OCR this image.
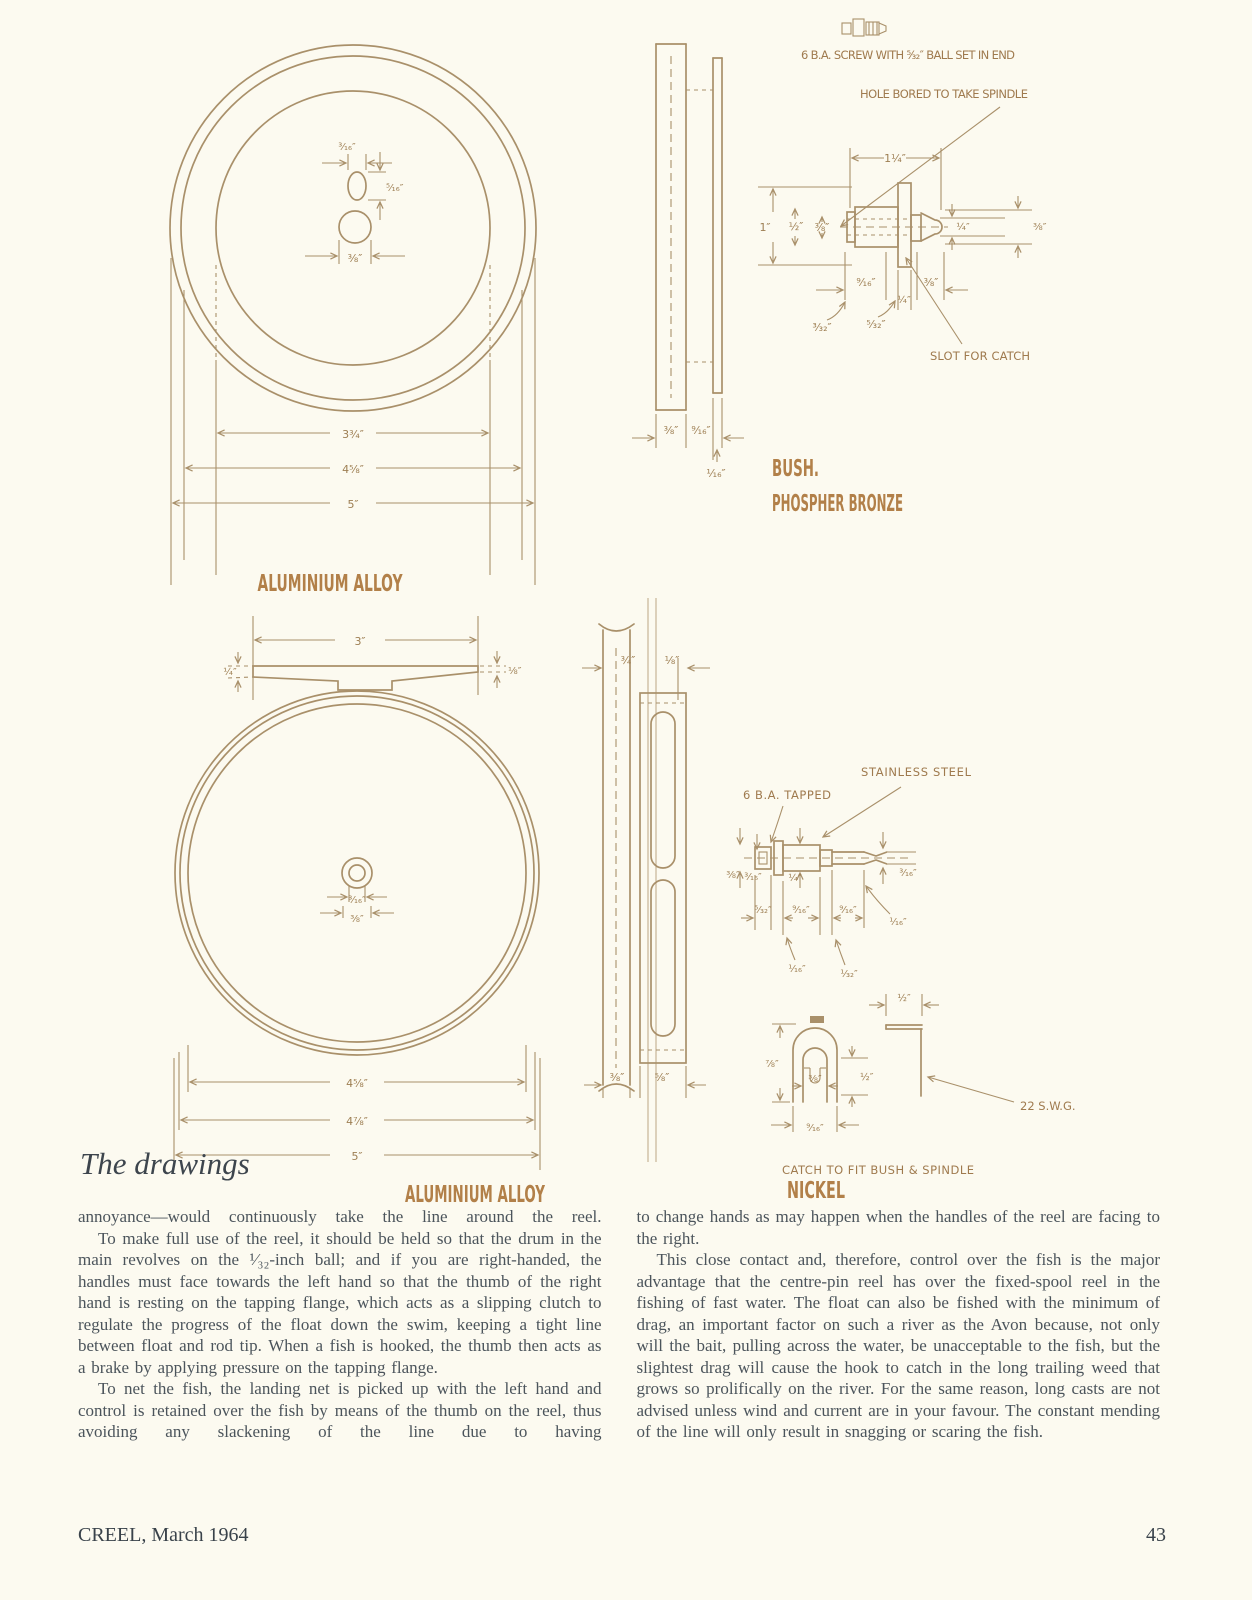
³⁄₁₆″
⁵⁄₁₆″
⅜″
3¾″
4⅝″
5″
ALUMINIUM ALLOY
⅜″ ⁹⁄₁₆″
¹⁄₁₆″
6 B.A. SCREW WITH ⁵⁄₃₂″ BALL SET IN END
HOLE BORED TO TAKE SPINDLE
1″ ½″ ⅜″
1¼″
¼″	⅜″
⁹⁄₁₆″
¼″
⅜″
³⁄₃₂″	⁵⁄₃₂″
SLOT FOR CATCH
BUSH.
PHOSPHER BRONZE
3″
¼″	⅛″
³⁄₁₆″
⅜″
4⅝″
4⅞″
5″
ALUMINIUM ALLOY
¾″	⅛″
⅜″	⅝″
6 B.A. TAPPED
STAINLESS STEEL
⅜″ ³⁄₁₆″	¼″	³⁄₁₆″
⁵⁄₃₂″ ⁹⁄₁₆″	⁹⁄₁₆″
¹⁄₁₆″
¹⁄₁₆″	¹⁄₃₂″
⅞″
⅜″	½″
⁹⁄₁₆″
½″
22 S.W.G.
CATCH TO FIT BUSH & SPINDLE
NICKEL
The drawings

annoyance—would continuously take the line around the reel.

To make full use of the reel, it should be held so that the drum in the main revolves on the ¹⁄₃₂-inch ball; and if you are right-handed, the handles must face towards the left hand so that the thumb of the right hand is resting on the tapping flange, which acts as a slipping clutch to regulate the progress of the float down the swim, keeping a tight line between float and rod tip. When a fish is hooked, the thumb then acts as a brake by applying pressure on the tapping flange.

To net the fish, the landing net is picked up with the left hand and control is retained over the fish by means of the thumb on the reel, thus avoiding any slackening of the line due to having

to change hands as may happen when the handles of the reel are facing to the right.

This close contact and, therefore, control over the fish is the major advantage that the centre-pin reel has over the fixed-spool reel in the fishing of fast water. The float can also be fished with the minimum of drag, an important factor on such a river as the Avon because, not only will the bait, pulling across the water, be unacceptable to the fish, but the slightest drag will cause the hook to catch in the long trailing weed that grows so prolifically on the river. For the same reason, long casts are not advised unless wind and current are in your favour. The constant mending of the line will only result in snagging or scaring the fish.

CREEL, March 1964	43
